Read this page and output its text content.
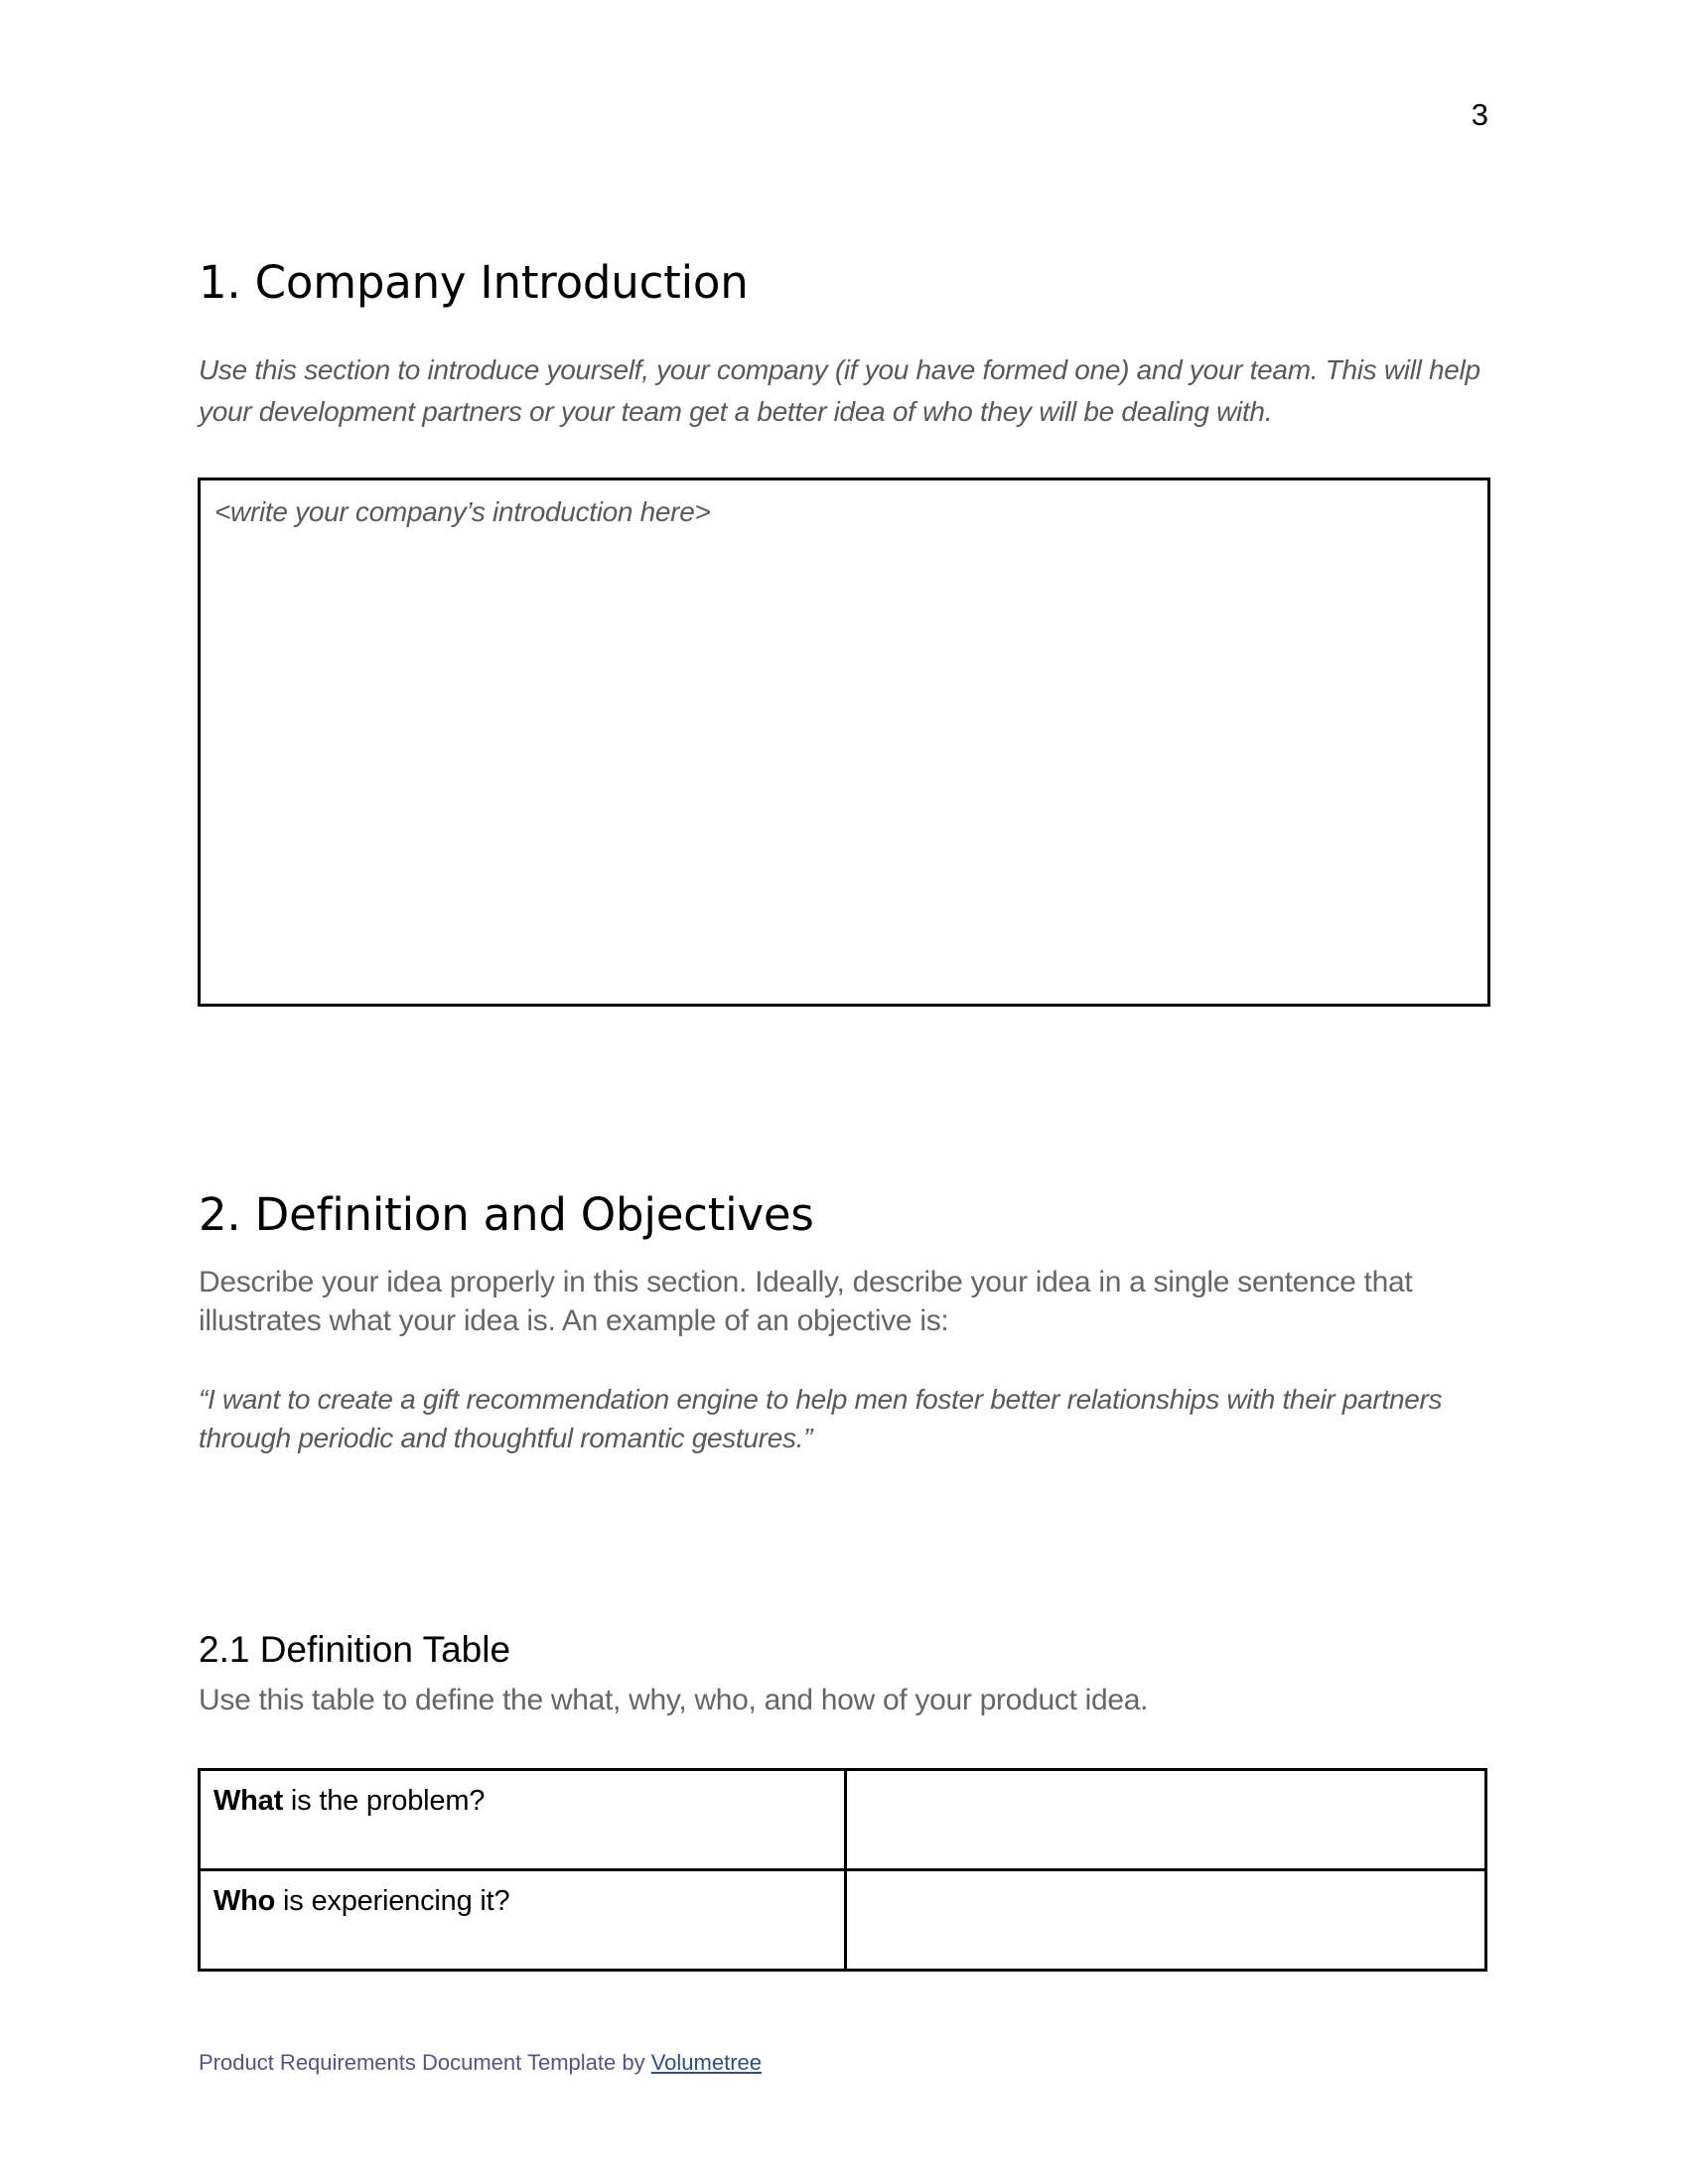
3
1. Company Introduction

Use this section to introduce yourself, your company (if you have formed one) and your team. This will help your development partners or your team get a better idea of who they will be dealing with.

<write your company’s introduction here>
2. Definition and Objectives

Describe your idea properly in this section. Ideally, describe your idea in a single sentence that illustrates what your idea is. An example of an objective is:

“I want to create a gift recommendation engine to help men foster better relationships with their partners through periodic and thoughtful romantic gestures.”

2.1 Definition Table

Use this table to define the what, why, who, and how of your product idea.

What is the problem?	
Who is experiencing it?	
Product Requirements Document Template by Volumetree
